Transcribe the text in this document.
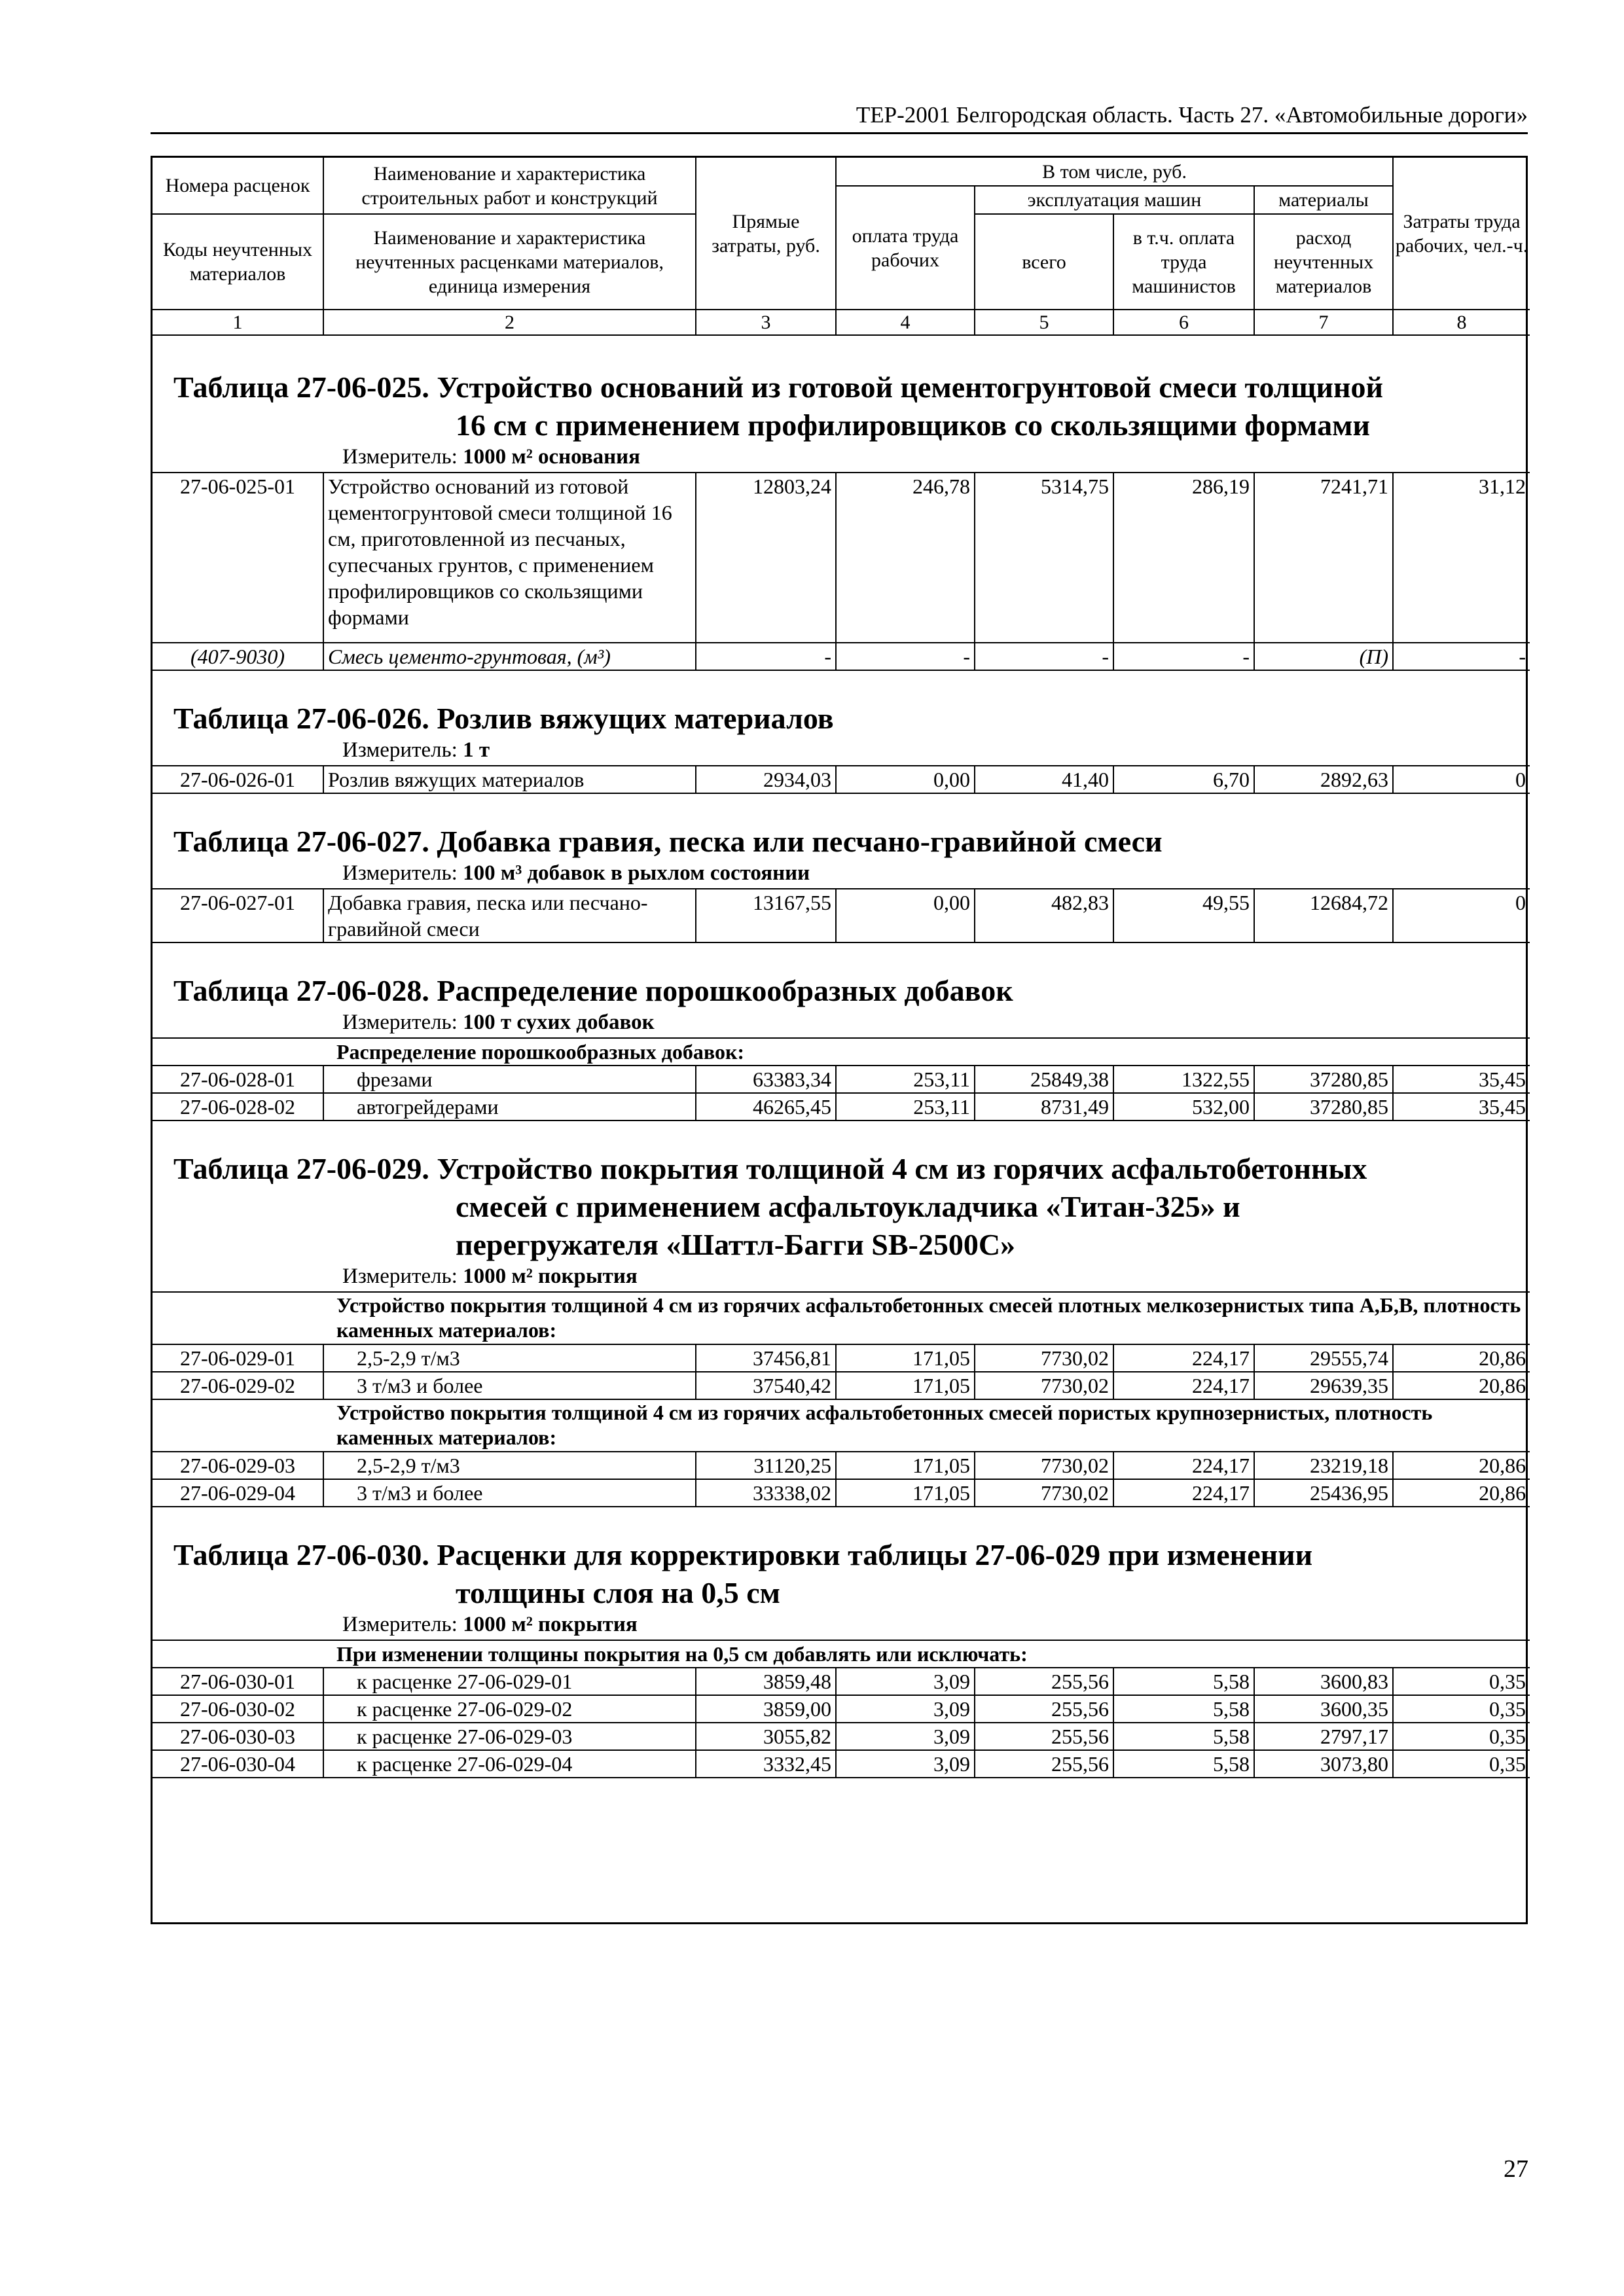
ТЕР-2001 Белгородская область. Часть 27. «Автомобильные дороги»
Номера расценок	Наименование и характеристика строительных работ и конструкций	Прямые затраты, руб.	В том числе, руб.				Затраты труда рабочих, чел.-ч.
			оплата труда рабочих	эксплуатация машин		материалы	
Коды неучтенных материалов	Наименование и характеристика неучтенных расценками материалов, единица измерения			всего	в т.ч. оплата труда машинистов	расход неучтенных материалов	
1	2	3	4	5	6	7	8
Таблица 27-06-025. Устройство оснований из готовой цементогрунтовой смеси толщиной
16 см с применением профилировщиков со скользящими формами
Измеритель: 1000 м² основания
27-06-025-01	Устройство оснований из готовой цементогрунтовой смеси толщиной 16 см, приготовленной из песчаных, супесчаных грунтов, с применением профилировщиков со скользящими формами	12803,24	246,78	5314,75	286,19	7241,71	31,12
(407-9030)	Смесь цементо-грунтовая, (м³)	-	-	-	-	(П)	-
Таблица 27-06-026. Розлив вяжущих материалов
Измеритель: 1 т
27-06-026-01	Розлив вяжущих материалов	2934,03	0,00	41,40	6,70	2892,63	0
Таблица 27-06-027. Добавка гравия, песка или песчано-гравийной смеси
Измеритель: 100 м³ добавок в рыхлом состоянии
27-06-027-01	Добавка гравия, песка или песчано-гравийной смеси	13167,55	0,00	482,83	49,55	12684,72	0
Таблица 27-06-028. Распределение порошкообразных добавок
Измеритель: 100 т сухих добавок
	Распределение порошкообразных добавок:						
27-06-028-01	фрезами	63383,34	253,11	25849,38	1322,55	37280,85	35,45
27-06-028-02	автогрейдерами	46265,45	253,11	8731,49	532,00	37280,85	35,45
Таблица 27-06-029. Устройство покрытия толщиной 4 см из горячих асфальтобетонных
смесей с применением асфальтоукладчика «Титан-325» и
перегружателя «Шаттл-Багги SB-2500C»
Измеритель: 1000 м² покрытия
	Устройство покрытия толщиной 4 см из горячих асфальтобетонных смесей плотных мелкозернистых типа А,Б,В, плотность каменных материалов:						
27-06-029-01	2,5-2,9 т/м3	37456,81	171,05	7730,02	224,17	29555,74	20,86
27-06-029-02	3 т/м3 и более	37540,42	171,05	7730,02	224,17	29639,35	20,86
	Устройство покрытия толщиной 4 см из горячих асфальтобетонных смесей пористых крупнозернистых, плотность каменных материалов:						
27-06-029-03	2,5-2,9 т/м3	31120,25	171,05	7730,02	224,17	23219,18	20,86
27-06-029-04	3 т/м3 и более	33338,02	171,05	7730,02	224,17	25436,95	20,86
Таблица 27-06-030. Расценки для корректировки таблицы 27-06-029 при изменении
толщины слоя на 0,5 см
Измеритель: 1000 м² покрытия
	При изменении толщины покрытия на 0,5 см добавлять или исключать:						
27-06-030-01	к расценке 27-06-029-01	3859,48	3,09	255,56	5,58	3600,83	0,35
27-06-030-02	к расценке 27-06-029-02	3859,00	3,09	255,56	5,58	3600,35	0,35
27-06-030-03	к расценке 27-06-029-03	3055,82	3,09	255,56	5,58	2797,17	0,35
27-06-030-04	к расценке 27-06-029-04	3332,45	3,09	255,56	5,58	3073,80	0,35
27
